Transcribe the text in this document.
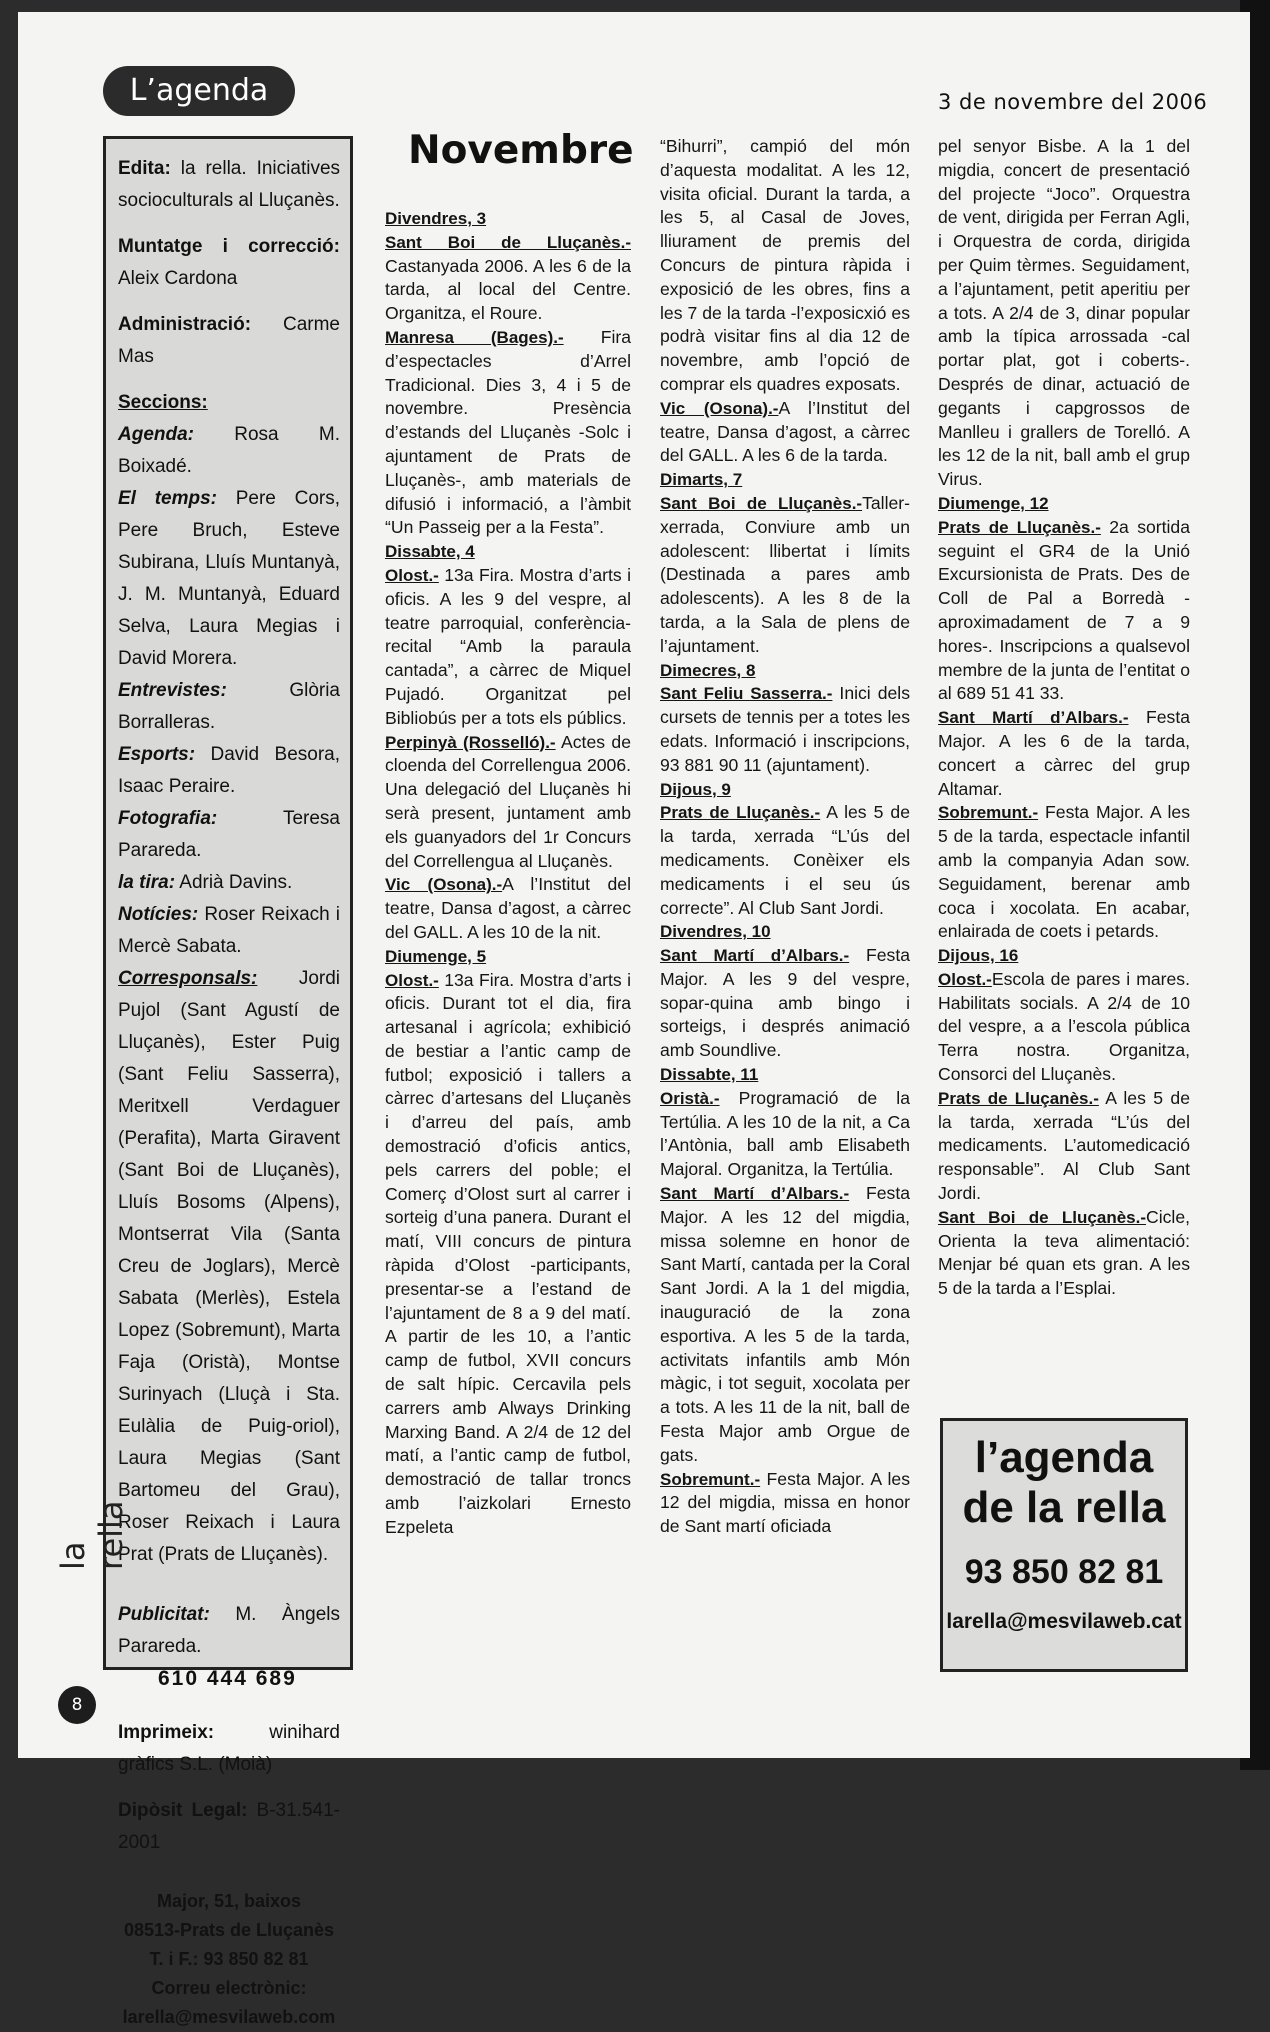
L’agenda	3 de novembre del 2006

Edita: la rella. Iniciatives socioculturals al Lluçanès.

Muntatge i correcció: Aleix Cardona

Administració: Carme Mas

Seccions:

Agenda: Rosa M. Boixadé.

El temps: Pere Cors, Pere Bruch, Esteve Subirana, Lluís Muntanyà, J. M. Muntanyà, Eduard Selva, Laura Megias i David Morera.

Entrevistes:	Glòria Borralleras.

Esports: David Besora, Isaac Peraire.

Fotografia:	Teresa Parareda.

la tira: Adrià Davins.

Notícies: Roser Reixach i Mercè Sabata.

Corresponsals: Jordi Pujol (Sant Agustí de Lluçanès), Ester Puig (Sant Feliu Sasserra), Meritxell Verdaguer (Perafita), Marta Giravent (Sant Boi de Lluçanès), Lluís Bosoms (Alpens), Montserrat Vila (Santa Creu de Joglars), Mercè Sabata (Merlès), Estela Lopez (Sobremunt), Marta Faja (Oristà), Montse Surinyach (Lluçà i Sta. Eulàlia de Puig-oriol), Laura Megias (Sant Bartomeu del Grau), Roser Reixach i Laura Prat (Prats de Lluçanès).

Publicitat: M. Àngels Parareda.

610 444 689

Imprimeix:	winihard gràfics S.L. (Moià)

Dipòsit Legal: B-31.541-2001

Major, 51, baixos
08513-Prats de Lluçanès
T. i F.: 93 850 82 81
Correu electrònic:
larella@mesvilaweb.com
Novembre

Divendres, 3

Sant Boi de Lluçanès.- Castanyada 2006. A les 6 de la tarda, al local del Centre. Organitza, el Roure.

Manresa (Bages).- Fira d’espectacles d’Arrel Tradicional. Dies 3, 4 i 5 de novembre. Presència d’estands del Lluçanès -Solc i ajuntament de Prats de Lluçanès-, amb materials de difusió i informació, a l’àmbit “Un Passeig per a la Festa”.

Dissabte, 4

Olost.- 13a Fira. Mostra d’arts i oficis. A les 9 del vespre, al teatre parroquial, conferència-recital “Amb la paraula cantada”, a càrrec de Miquel Pujadó. Organitzat pel Bibliobús per a tots els públics.

Perpinyà (Rosselló).- Actes de cloenda del Correllengua 2006. Una delegació del Lluçanès hi serà present, juntament amb els guanyadors del 1r Concurs del Correllengua al Lluçanès.

Vic (Osona).-A l’Institut del teatre, Dansa d’agost, a càrrec del GALL. A les 10 de la nit.

Diumenge, 5

Olost.- 13a Fira. Mostra d’arts i oficis. Durant tot el dia, fira artesanal i agrícola; exhibició de bestiar a l’antic camp de futbol; exposició i tallers a càrrec d’artesans del Lluçanès i d’arreu del país, amb demostració d’oficis antics, pels carrers del poble; el Comerç d’Olost surt al carrer i sorteig d’una panera. Durant el matí, VIII concurs de pintura ràpida d’Olost -participants, presentar-se a l’estand de l’ajuntament de 8 a 9 del matí. A partir de les 10, a l’antic camp de futbol, XVII concurs de salt hípic. Cercavila pels carrers amb Always Drinking Marxing Band. A 2/4 de 12 del matí, a l’antic camp de futbol, demostració de tallar troncs amb l’aizkolari Ernesto Ezpeleta

“Bihurri”, campió del món d’aquesta modalitat. A les 12, visita oficial. Durant la tarda, a les 5, al Casal de Joves, lliurament de premis del Concurs de pintura ràpida i exposició de les obres, fins a les 7 de la tarda -l’exposicxió es podrà visitar fins al dia 12 de novembre, amb l’opció de comprar els quadres exposats.

Vic (Osona).-A l’Institut del teatre, Dansa d’agost, a càrrec del GALL. A les 6 de la tarda.

Dimarts, 7

Sant Boi de Lluçanès.-Taller-xerrada, Conviure amb un adolescent: llibertat i límits (Destinada a pares amb adolescents). A les 8 de la tarda, a la Sala de plens de l’ajuntament.

Dimecres, 8

Sant Feliu Sasserra.- Inici dels cursets de tennis per a totes les edats. Informació i inscripcions, 93 881 90 11 (ajuntament).

Dijous, 9

Prats de Lluçanès.- A les 5 de la tarda, xerrada “L’ús del medicaments. Conèixer els medicaments i el seu ús correcte”. Al Club Sant Jordi.

Divendres, 10

Sant Martí d’Albars.- Festa Major. A les 9 del vespre, sopar-quina amb bingo i sorteigs, i després animació amb Soundlive.

Dissabte, 11

Oristà.- Programació de la Tertúlia. A les 10 de la nit, a Ca l’Antònia, ball amb Elisabeth Majoral. Organitza, la Tertúlia.

Sant Martí d’Albars.- Festa Major. A les 12 del migdia, missa solemne en honor de Sant Martí, cantada per la Coral Sant Jordi. A la 1 del migdia, inauguració de la zona esportiva. A les 5 de la tarda, activitats infantils amb Món màgic, i tot seguit, xocolata per a tots. A les 11 de la nit, ball de Festa Major amb Orgue de gats.

Sobremunt.- Festa Major. A les 12 del migdia, missa en honor de Sant martí oficiada

pel senyor Bisbe. A la 1 del migdia, concert de presentació del projecte “Joco”. Orquestra de vent, dirigida per Ferran Agli, i Orquestra de corda, dirigida per Quim tèrmes. Seguidament, a l’ajuntament, petit aperitiu per a tots. A 2/4 de 3, dinar popular amb la típica arrossada -cal portar plat, got i coberts-. Després de dinar, actuació de gegants i capgrossos de Manlleu i grallers de Torelló. A les 12 de la nit, ball amb el grup Virus.

Diumenge, 12

Prats de Lluçanès.- 2a sortida seguint el GR4 de la Unió Excursionista de Prats. Des de Coll de Pal a Borredà -aproximadament de 7 a 9 hores-. Inscripcions a qualsevol membre de la junta de l’entitat o al 689 51 41 33.

Sant Martí d’Albars.- Festa Major. A les 6 de la tarda, concert a càrrec del grup Altamar.

Sobremunt.- Festa Major. A les 5 de la tarda, espectacle infantil amb la companyia Adan sow. Seguidament, berenar amb coca i xocolata. En acabar, enlairada de coets i petards.

Dijous, 16

Olost.-Escola de pares i mares. Habilitats socials. A 2/4 de 10 del vespre, a a l’escola pública Terra nostra. Organitza, Consorci del Lluçanès.

Prats de Lluçanès.- A les 5 de la tarda, xerrada “L’ús del medicaments. L’automedicació responsable”. Al Club Sant Jordi.

Sant Boi de Lluçanès.-Cicle, Orienta la teva alimentació: Menjar bé quan ets gran. A les 5 de la tarda a l’Esplai.

l’agenda
de la rella
93 850 82 81
larella@mesvilaweb.cat
la rella
8
